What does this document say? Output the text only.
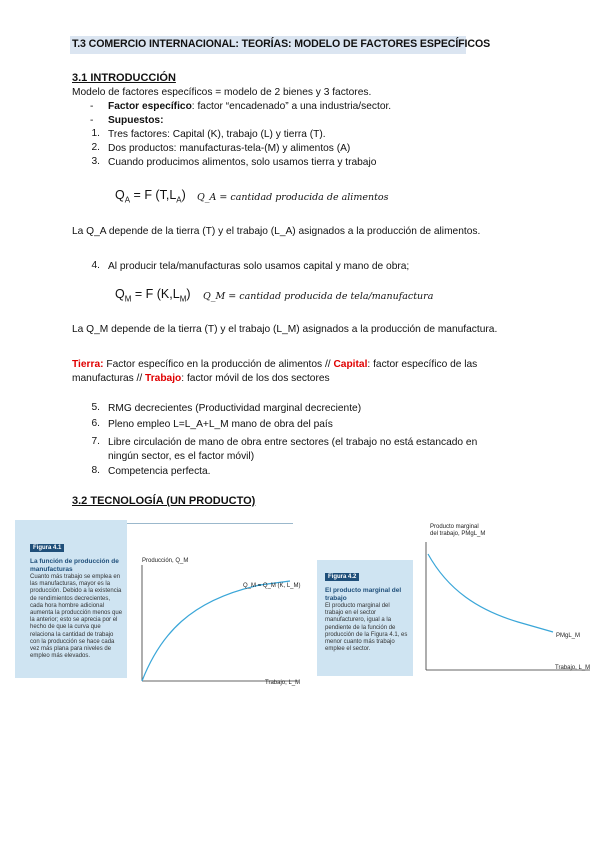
T.3 COMERCIO INTERNACIONAL: TEORÍAS: MODELO DE FACTORES ESPECÍFICOS
3.1 INTRODUCCIÓN
Modelo de factores específicos = modelo de 2 bienes y 3 factores.
- Factor específico: factor “encadenado” a una industria/sector.
- Supuestos:
1. Tres factores: Capital (K), trabajo (L) y tierra (T).
2. Dos productos: manufacturas-tela-(M) y alimentos (A)
3. Cuando producimos alimentos, solo usamos tierra y trabajo
$Q_A = F$ $(T,L_A)$ Q_A = cantidad producida de alimentos
La Q_A depende de la tierra (T) y el trabajo (L_A) asignados a la producción de alimentos.
4. Al producir tela/manufacturas solo usamos capital y mano de obra;
$Q_M = F$ $(K,L_M)$ Q_M = cantidad producida de tela/manufactura
La Q_M depende de la tierra (T) y el trabajo (L_M) asignados a la producción de manufactura.
Tierra: Factor específico en la producción de alimentos // Capital: factor específico de las
manufacturas // Trabajo: factor móvil de los dos sectores
5. RMG decrecientes (Productividad marginal decreciente)
6. Pleno empleo L=L_A+L_M mano de obra del país
7. Libre circulación de mano de obra entre sectores (el trabajo no está estancado en
ningún sector, es el factor móvil)
8. Competencia perfecta.
3.2 TECNOLOGÍA (UN PRODUCTO)
Figura 4.1
La función de producción de manufacturas
Cuanto más trabajo se emplea en las manufacturas, mayor es la producción. Debido a la existencia de rendimientos decrecientes, cada hora hombre adicional aumenta la producción menos que la anterior; esto se aprecia por el hecho de que la curva que relaciona la cantidad de trabajo con la producción se hace cada vez más plana para niveles de empleo más elevados.
Producción, Q_M
Q_M = Q_M (K, L_M)
Trabajo, L_M
Figura 4.2
El producto marginal del trabajo
El producto marginal del trabajo en el sector manufacturero, igual a la pendiente de la función de producción de la Figura 4.1, es menor cuanto más trabajo emplee el sector.
Producto marginal
del trabajo, PMgL_M
PMgL_M
Trabajo, L_M
